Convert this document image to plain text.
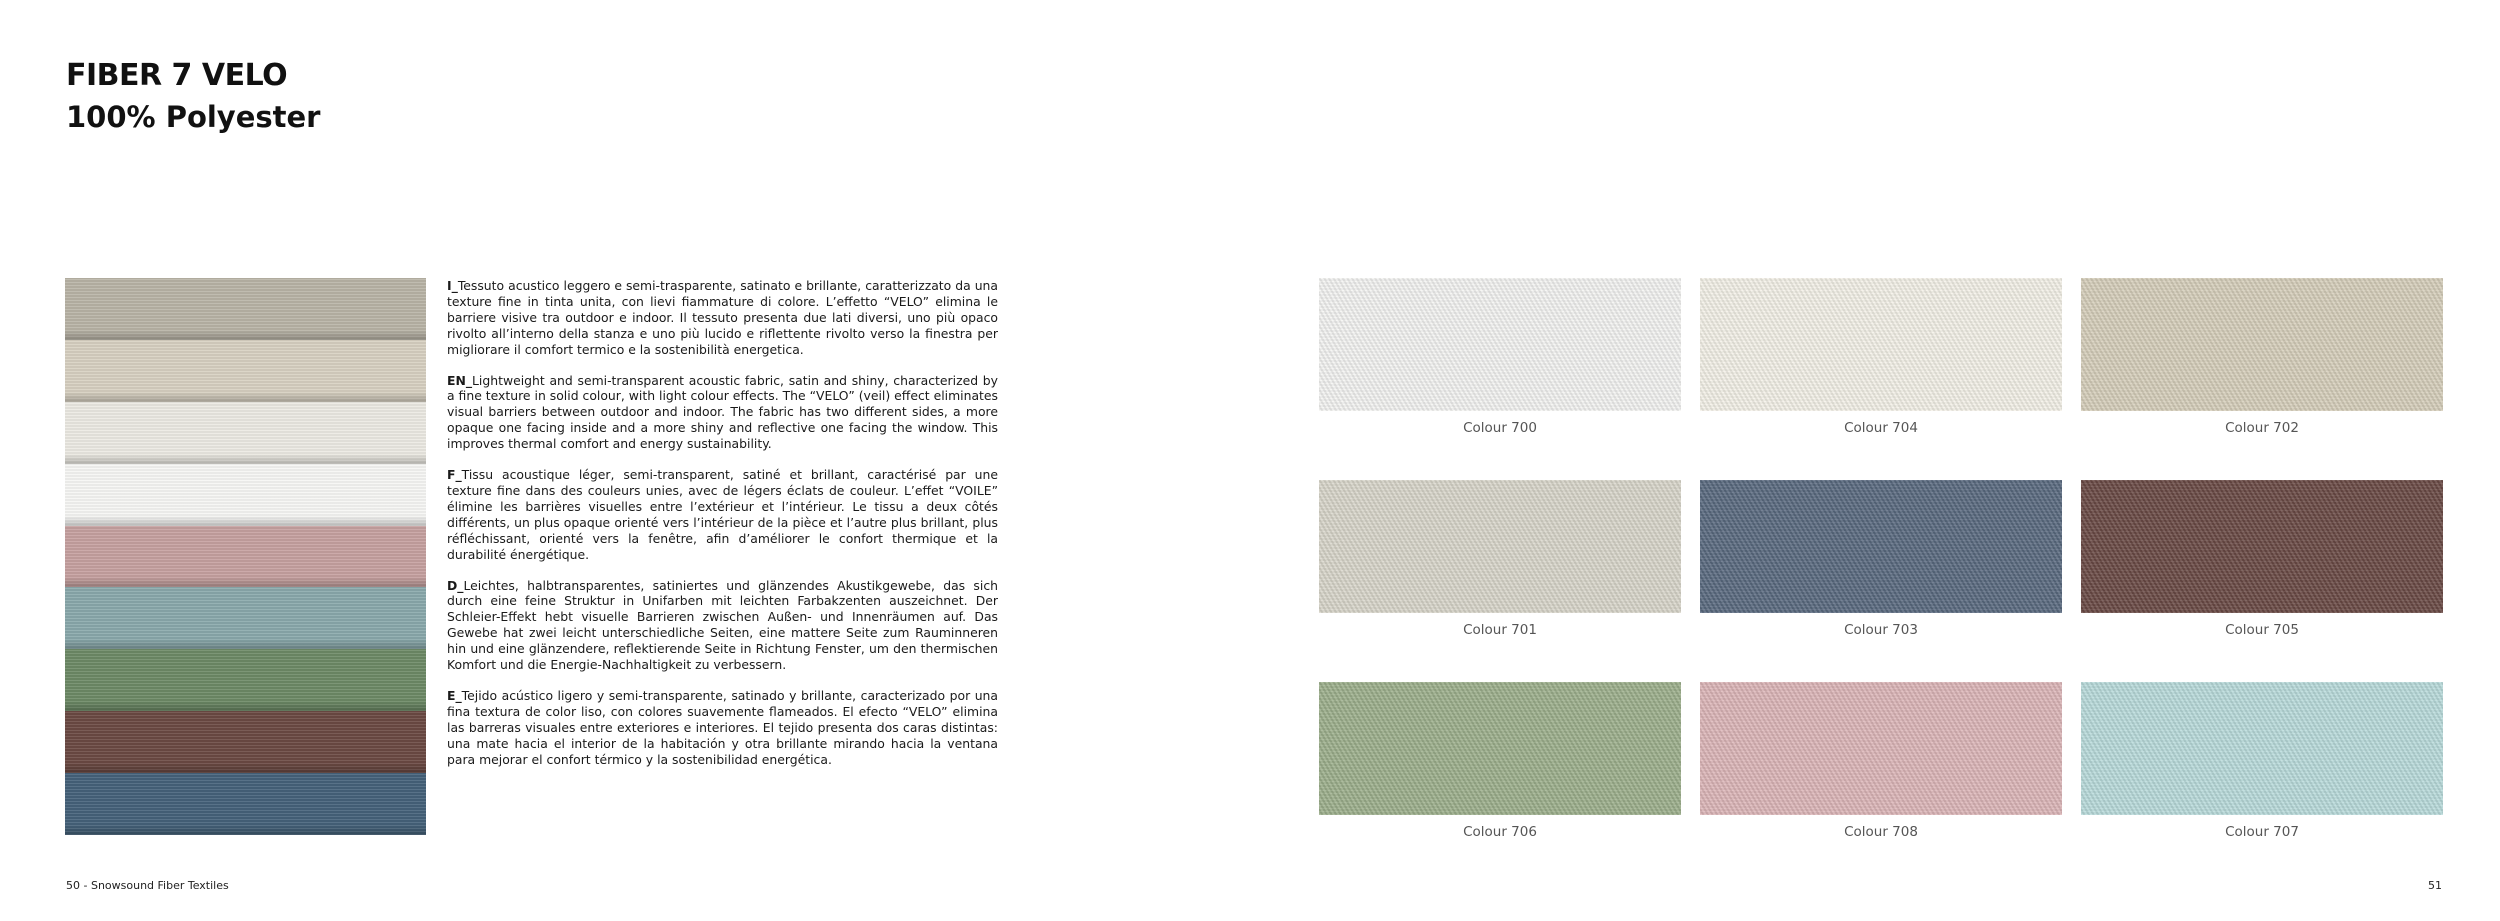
FIBER 7 VELO
100% Polyester

I_Tessuto acustico leggero e semi-trasparente, satinato e brillante, caratterizzato da una texture fine in tinta unita, con lievi fiammature di colore. L’effetto “VELO” elimina le barriere visive tra outdoor e indoor. Il tessuto presenta due lati diversi, uno più opaco rivolto all’interno della stanza e uno più lucido e riflettente rivolto verso la finestra per migliorare il comfort termico e la sostenibilità energetica.

EN_Lightweight and semi-transparent acoustic fabric, satin and shiny, characterized by a fine texture in solid colour, with light colour effects. The “VELO” (veil) effect eliminates visual barriers between outdoor and indoor. The fabric has two different sides, a more opaque one facing inside and a more shiny and reflective one facing the window. This improves thermal comfort and energy sustainability.

F_Tissu acoustique léger, semi-transparent, satiné et brillant, caractérisé par une texture fine dans des couleurs unies, avec de légers éclats de couleur. L’effet “VOILE” élimine les barrières visuelles entre l’extérieur et l’intérieur. Le tissu a deux côtés différents, un plus opaque orienté vers l’intérieur de la pièce et l’autre plus brillant, plus réfléchissant, orienté vers la fenêtre, afin d’améliorer le confort thermique et la durabilité énergétique.

D_Leichtes, halbtransparentes, satiniertes und glänzendes Akustikgewebe, das sich durch eine feine Struktur in Unifarben mit leichten Farbakzenten auszeichnet. Der Schleier-Effekt hebt visuelle Barrieren zwischen Außen- und Innenräumen auf. Das Gewebe hat zwei leicht unterschiedliche Seiten, eine mattere Seite zum Rauminneren hin und eine glänzendere, reflektierende Seite in Richtung Fenster, um den thermischen Komfort und die Energie-Nachhaltigkeit zu verbessern.

E_Tejido acústico ligero y semi-transparente, satinado y brillante, caracterizado por una fina textura de color liso, con colores suavemente flameados. El efecto “VELO” elimina las barreras visuales entre exteriores e interiores. El tejido presenta dos caras distintas: una mate hacia el interior de la habitación y otra brillante mirando hacia la ventana para mejorar el confort térmico y la sostenibilidad energética.

Colour 700	Colour 704	Colour 702
Colour 701	Colour 703	Colour 705
Colour 706	Colour 708	Colour 707
50 - Snowsound Fiber Textiles	51
